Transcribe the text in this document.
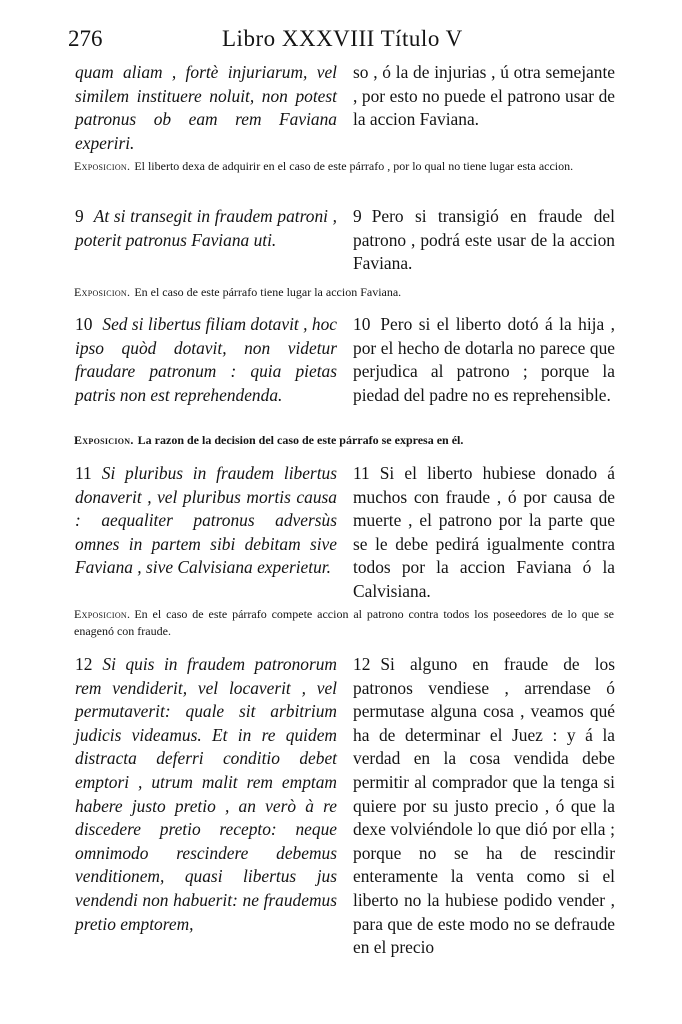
276	Libro XXXVIII Título V

quam aliam , fortè injuriarum, vel similem instituere noluit, non potest patronus ob eam rem Faviana experiri.

so , ó la de injurias , ú otra semejante , por esto no puede el patrono usar de la accion Faviana.

Exposicion. El liberto dexa de adquirir en el caso de este párrafo , por lo qual no tiene lugar esta accion.

9 At si transegit in fraudem patroni , poterit patronus Faviana uti.

9 Pero si transigió en fraude del patrono , podrá este usar de la accion Faviana.

Exposicion. En el caso de este párrafo tiene lugar la accion Faviana.

10 Sed si libertus filiam dotavit , hoc ipso quòd dotavit, non videtur fraudare patronum : quia pietas patris non est reprehendenda.

10 Pero si el liberto dotó á la hija , por el hecho de dotarla no parece que perjudica al patrono ; porque la piedad del padre no es reprehensible.

Exposicion. La razon de la decision del caso de este párrafo se expresa en él.

11 Si pluribus in fraudem libertus donaverit , vel pluribus mortis causa : aequaliter patronus adversùs omnes in partem sibi debitam sive Faviana , sive Calvisiana experietur.

11 Si el liberto hubiese donado á muchos con fraude , ó por causa de muerte , el patrono por la parte que se le debe pedirá igualmente contra todos por la accion Faviana ó la Calvisiana.

Exposicion. En el caso de este párrafo compete accion al patrono contra todos los poseedores de lo que se enagenó con fraude.

12 Si quis in fraudem patronorum rem vendiderit, vel locaverit , vel permutaverit: quale sit arbitrium judicis videamus. Et in re quidem distracta deferri conditio debet emptori , utrum malit rem emptam habere justo pretio , an verò à re discedere pretio recepto: neque omnimodo rescindere debemus venditionem, quasi libertus jus vendendi non habuerit: ne fraudemus pretio emptorem,

12 Si alguno en fraude de los patronos vendiese , arrendase ó permutase alguna cosa , veamos qué ha de determinar el Juez : y á la verdad en la cosa vendida debe permitir al comprador que la tenga si quiere por su justo precio , ó que la dexe volviéndole lo que dió por ella ; porque no se ha de rescindir enteramente la venta como si el liberto no la hubiese podido vender , para que de este modo no se defraude en el precio
